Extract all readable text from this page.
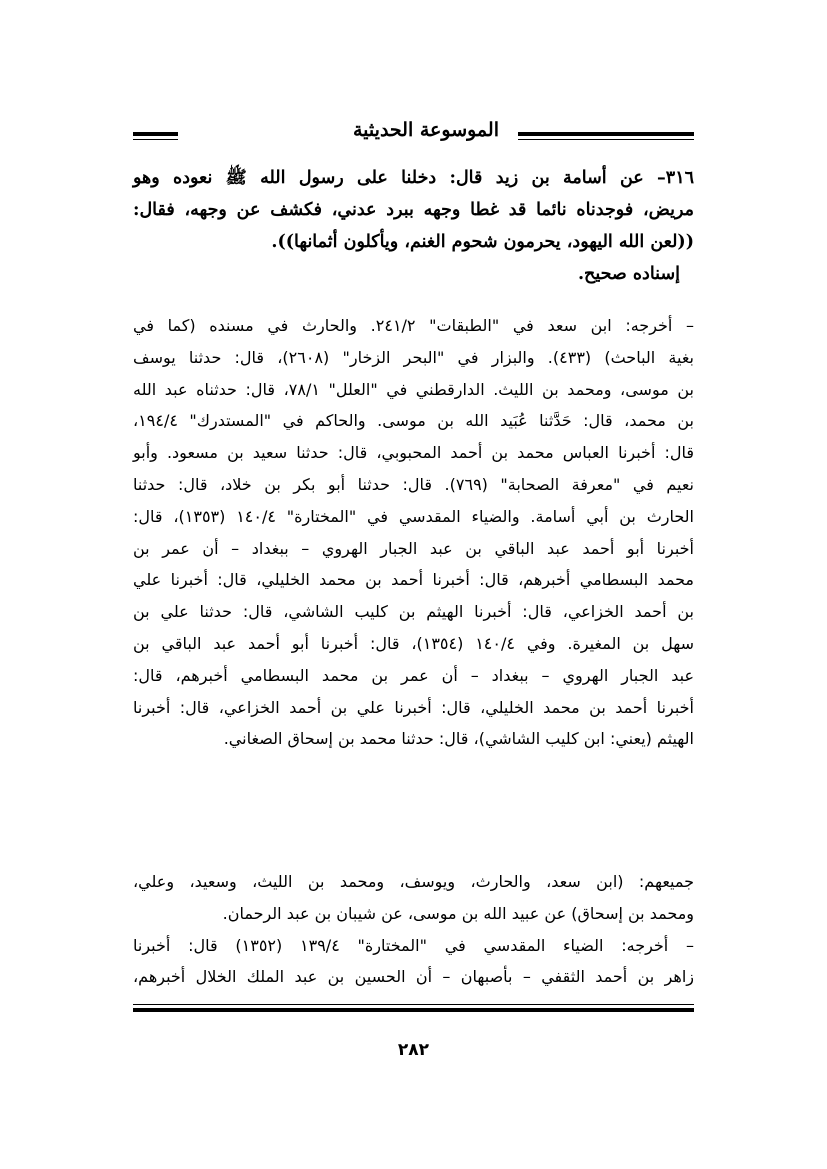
الموسوعة الحديثية
٣١٦– عن أسامة بن زيد قال: دخلنا على رسول الله ﷺ نعوده وهو
مريض، فوجدناه نائما قد غطا وجهه ببرد عدني، فكشف عن وجهه، فقال:
((لعن الله اليهود، يحرمون شحوم الغنم، ويأكلون أثمانها)).
إسناده صحيح.
– أخرجه: ابن سعد في "الطبقات" ٢٤١/٢. والحارث في مسنده (كما في
بغية الباحث) (٤٣٣). والبزار في "البحر الزخار" (٢٦٠٨)، قال: حدثنا يوسف
بن موسى، ومحمد بن الليث. الدارقطني في "العلل" ٧٨/١، قال: حدثناه عبد الله
بن محمد، قال: حَدَّثنا عُبَيد الله بن موسى. والحاكم في "المستدرك" ١٩٤/٤،
قال: أخبرنا العباس محمد بن أحمد المحبوبي، قال: حدثنا سعيد بن مسعود. وأبو
نعيم في "معرفة الصحابة" (٧٦٩). قال: حدثنا أبو بكر بن خلاد، قال: حدثنا
الحارث بن أبي أسامة. والضياء المقدسي في "المختارة" ١٤٠/٤ (١٣٥٣)، قال:
أخبرنا أبو أحمد عبد الباقي بن عبد الجبار الهروي – ببغداد – أن عمر بن
محمد البسطامي أخبرهم، قال: أخبرنا أحمد بن محمد الخليلي، قال: أخبرنا علي
بن أحمد الخزاعي، قال: أخبرنا الهيثم بن كليب الشاشي، قال: حدثنا علي بن
سهل بن المغيرة. وفي ١٤٠/٤ (١٣٥٤)، قال: أخبرنا أبو أحمد عبد الباقي بن
عبد الجبار الهروي – ببغداد – أن عمر بن محمد البسطامي أخبرهم، قال:
أخبرنا أحمد بن محمد الخليلي، قال: أخبرنا علي بن أحمد الخزاعي، قال: أخبرنا
الهيثم (يعني: ابن كليب الشاشي)، قال: حدثنا محمد بن إسحاق الصغاني.
جميعهم: (ابن سعد، والحارث، ويوسف، ومحمد بن الليث، وسعيد، وعلي،
ومحمد بن إسحاق) عن عبيد الله بن موسى، عن شيبان بن عبد الرحمان.
– أخرجه: الضياء المقدسي في "المختارة" ١٣٩/٤ (١٣٥٢) قال: أخبرنا
زاهر بن أحمد الثقفي – بأصبهان – أن الحسين بن عبد الملك الخلال أخبرهم،
٢٨٢
